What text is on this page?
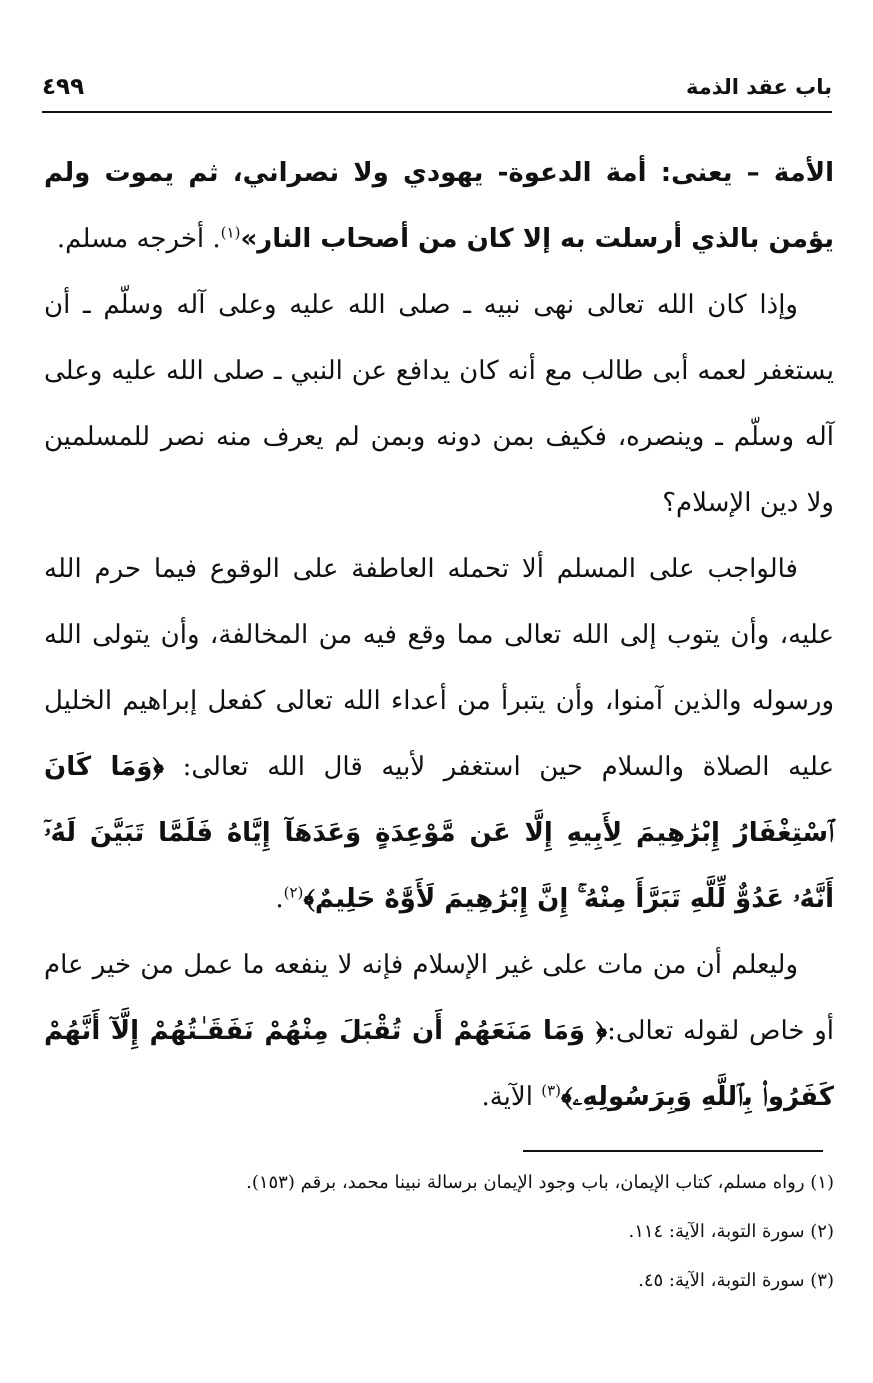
باب عقد الذمة
٤٩٩

الأمة – يعنى: أمة الدعوة- يهودي ولا نصراني، ثم يموت ولم يؤمن بالذي أرسلت به إلا كان من أصحاب النار»$^{(١)}$. أخرجه مسلم.

وإذا كان الله تعالى نهى نبيه ـ صلى الله عليه وعلى آله وسلّم ـ أن يستغفر لعمه أبى طالب مع أنه كان يدافع عن النبي ـ صلى الله عليه وعلى آله وسلّم ـ وينصره، فكيف بمن دونه وبمن لم يعرف منه نصر للمسلمين ولا دين الإسلام؟

فالواجب على المسلم ألا تحمله العاطفة على الوقوع فيما حرم الله عليه، وأن يتوب إلى الله تعالى مما وقع فيه من المخالفة، وأن يتولى الله ورسوله والذين آمنوا، وأن يتبرأ من أعداء الله تعالى كفعل إبراهيم الخليل عليه الصلاة والسلام حين استغفر لأبيه قال الله تعالى: ﴿وَمَا كَانَ ٱسْتِغْفَارُ إِبْرَٰهِيمَ لِأَبِيهِ إِلَّا عَن مَّوْعِدَةٍ وَعَدَهَآ إِيَّاهُ فَلَمَّا تَبَيَّنَ لَهُۥٓ أَنَّهُۥ عَدُوٌّ لِّلَّهِ تَبَرَّأَ مِنْهُ ۚ إِنَّ إِبْرَٰهِيمَ لَأَوَّٰهٌ حَلِيمٌ﴾$^{(٢)}$.

وليعلم أن من مات على غير الإسلام فإنه لا ينفعه ما عمل من خير عام أو خاص لقوله تعالى:﴿ وَمَا مَنَعَهُمْ أَن تُقْبَلَ مِنْهُمْ نَفَقَـٰتُهُمْ إِلَّآ أَنَّهُمْ كَفَرُوا۟ بِٱللَّهِ وَبِرَسُولِهِۦ﴾$^{(٣)}$ الآية.

(١) رواه مسلم، كتاب الإيمان، باب وجود الإيمان برسالة نبينا محمد، برقم (١٥٣).
(٢) سورة التوبة، الآية: ١١٤.
(٣) سورة التوبة، الآية: ٤٥.
